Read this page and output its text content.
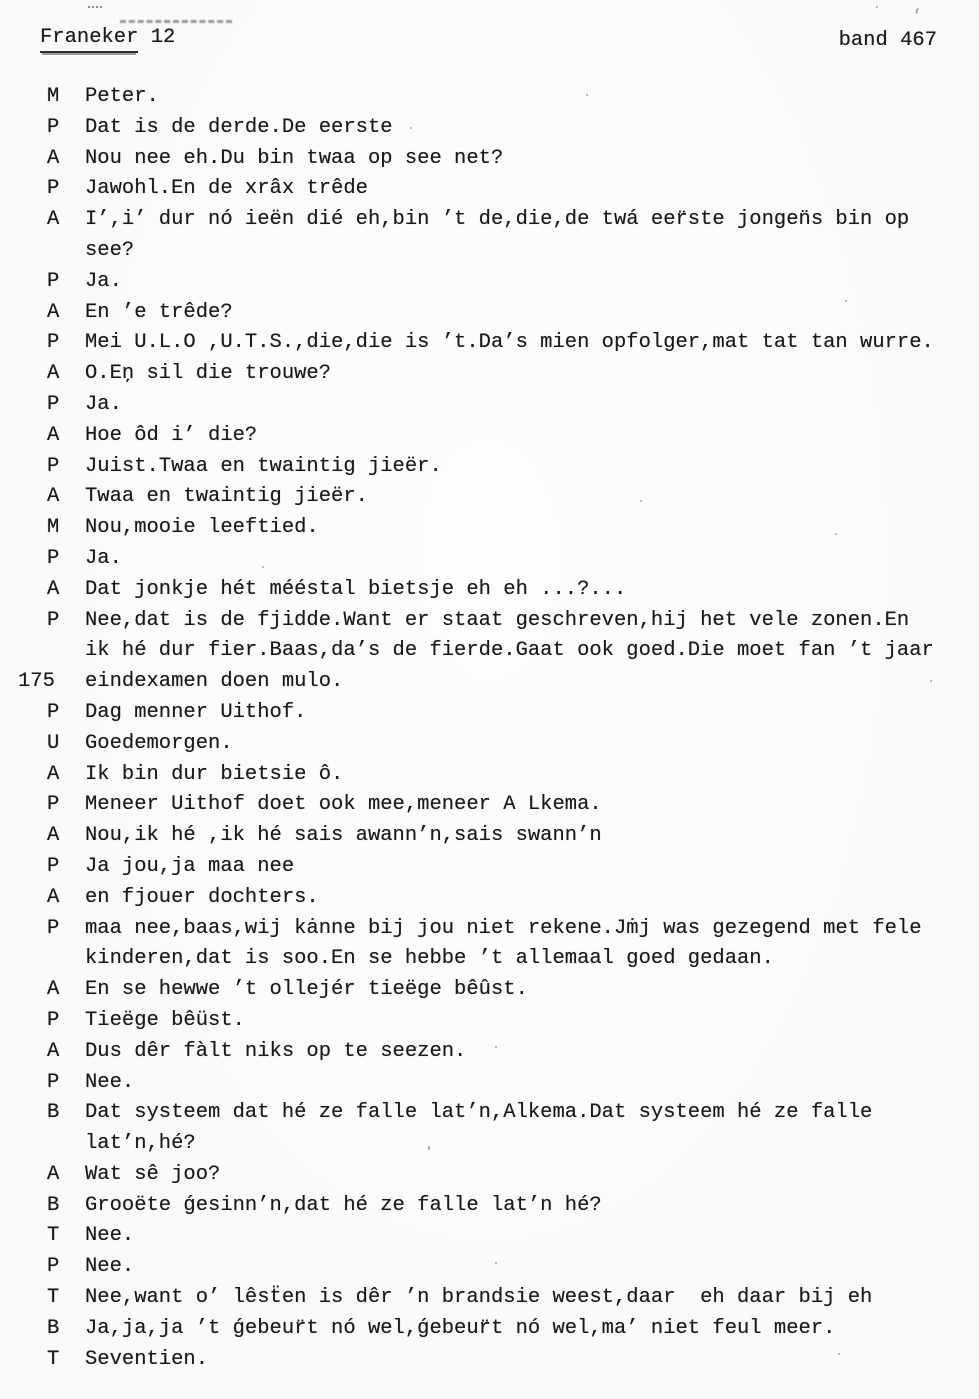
Franeker 12	band 467

M

Peter.

P

Dat is de derde.De eerste

A

Nou nee eh.Du bin twaa op see net?

P

Jawohl.En de xrâx trêde

A

I’,i’ dur nó ieën dié eh,bin ’t de,die,de twá eer̈ste jongen̈s bin op

see?

P

Ja.

A

En ’e trêde?

P

Mei U.L.O ,U.T.S.,die,die is ’t.Da’s mien opfolger,mat tat tan wurre.

A

O.Eņ sil die trouwe?

P

Ja.

A

Hoe ôd i’ die?

P

Juist.Twaa en twaintig jieër.

A

Twaa en twaintig jieër.

M

Nou,mooie leeftied.

P

Ja.

A

Dat jonkje hét mééstal bietsje eh eh ...?...

P

Nee,dat is de fjidde.Want er staat geschreven,hij het vele zonen.En

ik hé dur fier.Baas,da’s de fierde.Gaat ook goed.Die moet fan ’t jaar

175

eindexamen doen mulo.

P

Dag menner Uithof.

U

Goedemorgen.

A

Ik bin dur bietsie ô.

P

Meneer Uithof doet ook mee,meneer A Lkema.

A

Nou,ik hé ,ik hé sais awann’n,sais swann’n

P

Ja jou,ja maa nee

A

en fjouer dochters.

P

maa nee,baas,wij kȧnne bij jou niet rekene.Jṁj was gezegend met fele

kinderen,dat is soo.En se hebbe ’t allemaal goed gedaan.

A

En se hewwe ’t ollejér tieëge bêûst.

P

Tieëge bêüst.

A

Dus dêr fàlt niks op te seezen.

P

Nee.

B

Dat systeem dat hé ze falle lat’n,Alkema.Dat systeem hé ze falle

lat’n,hé?

A

Wat sê joo?

B

Grooëte ǵesinn’n,dat hé ze falle lat’n hé?

T

Nee.

P

Nee.

T

Nee,want o’ lêsẗen is dêr ’n brandsie weest,daar  eh daar bij eh

B

Ja,ja,ja ’t ǵebeur̈t nó wel,ǵebeur̈t nó wel,ma’ niet feul meer.

T

Seventien.
